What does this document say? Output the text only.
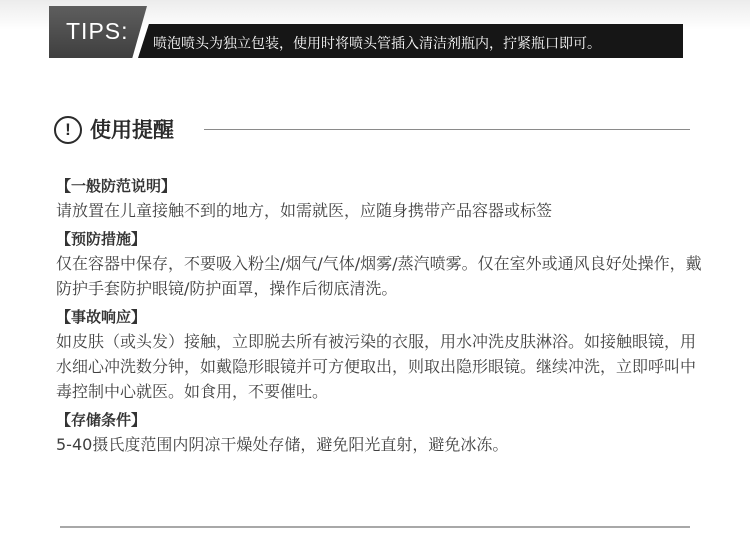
TIPS: 喷泡喷头为独立包装，使用时将喷头管插入清洁剂瓶内，拧紧瓶口即可。
! 使用提醒
【一般防范说明】
请放置在儿童接触不到的地方，如需就医，应随身携带产品容器或标签
【预防措施】
仅在容器中保存，不要吸入粉尘/烟气/气体/烟雾/蒸汽喷雾。仅在室外或通风良好处操作，戴防护手套防护眼镜/防护面罩，操作后彻底清洗。
【事故响应】
如皮肤（或头发）接触，立即脱去所有被污染的衣服，用水冲洗皮肤淋浴。如接触眼镜，用水细心冲洗数分钟，如戴隐形眼镜并可方便取出，则取出隐形眼镜。继续冲洗，立即呼叫中毒控制中心就医。如食用，不要催吐。
【存储条件】
5-40摄氏度范围内阴凉干燥处存储，避免阳光直射，避免冰冻。
